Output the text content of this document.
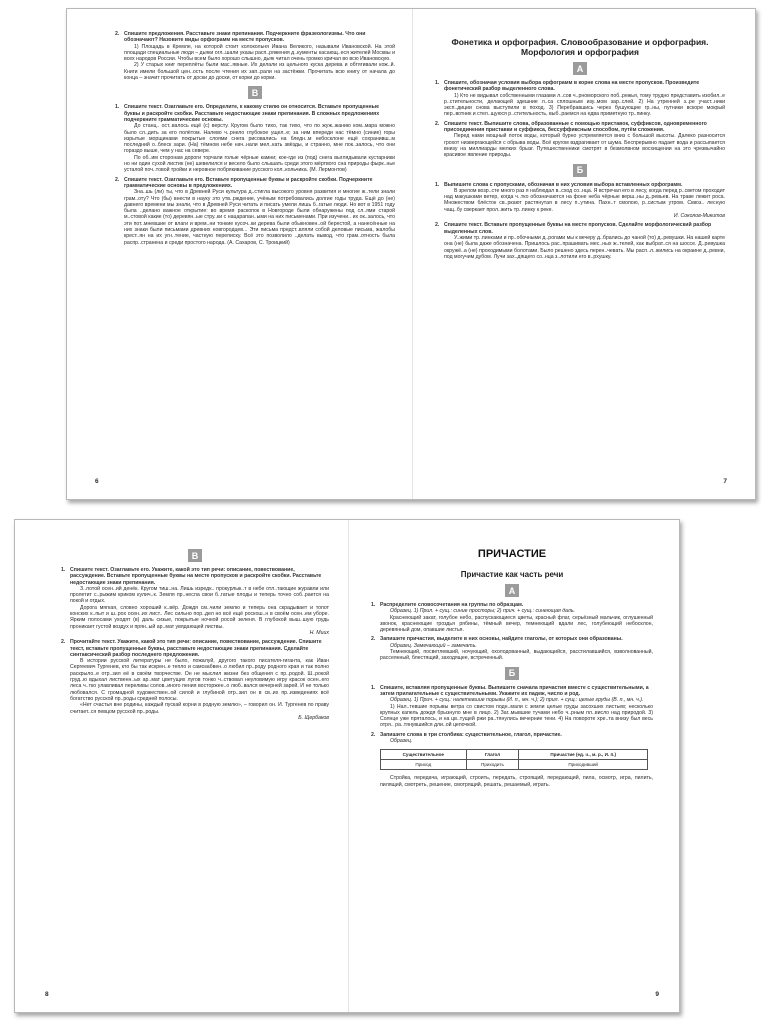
2. Спишите предложения. Расставьте знаки препинания. Подчеркните фразеологизмы. Что они обозначают? Назовите виды орфограмм на месте пропусков.

1) Площадь в Кремле, на которой стоит колокольня Ивана Великого, называли Ивановской. На этой площади специальные люди – дьяки огл..шали указы расп..ряжения д..кументы касающ..еся жителей Москвы и всех народов России. Чтобы всем было хорошо слышно, дьяк читал очень громко кричал во всю Ивановскую.

2) У старых книг переплёты были мас..явные. Их делали из цельного куска дерева и обтягивали кож..й. Книги имели большой цен..ость после чтения их зап..рали на застёжки. Прочитать всю книгу от начала до конца – значит прочитать от доски до доски, от корки до корки.

В
1. Спишите текст. Озаглавьте его. Определите, к какому стилю он относится. Вставьте пропущенные буквы и раскройте скобки. Расставьте недостающие знаки препинания. В сложных предложениях подчеркните грамматические основы.

До станц.. ост..валось ещё (с) версту. Кругом было тихо, так тихо, что по жуж..жанию ком..мара можно было сл..дить за его полётом. Налево ч..рнело глубокое ущел..е; за ним впереди нас тёмно (синие) горы изрытые морщинами покрытые слоями снега рисовались на бледн..м небосклоне ещё сохранивш..м последний о..блеск зари. (На) тёмном небе нач..нали мел..кать звёзды, и странно, мне пок..залось, что они гораздо выше, чем у нас на севере.

По об..им сторонам дороги торчали голые чёрные камни; кое-где из (под) снега выглядывали кустарники но ни один сухой листик (не) шевелился и весело было слышать среди этого мёртвого сна природы фырк..нье усталой поч..товой тройки и неровное побрякивание русского кол..кольчика. (М. Лермонтов)

2. Спишите текст. Озаглавьте его. Вставьте пропущенные буквы и раскройте скобки. Подчеркните грамматические основы в предложениях.

Зна..шь (ли) ты, что в Древней Руси культура д..стигла высокого уровня развития и многие ж..тели знали грам..оту? Что (бы) внести в науку это утв..рждение, учёным потребовались долгие годы труда. Ещё до (не) давнего времени мы знали, что в Древней Руси читать и писать умели лишь б..гатые люди. Но вот в 1951 году была ..делано важное открытие: во время раскопок в Новгороде были обнаружены под сл..ями старой м..стовой какие (то) деревян..ые стру..ки с нацарапан..ыми на них письменами. При изучени.. их ок..залось, что эти пот..мневшие от влаги и врем..ни тонкие кусоч..ки дерева были обыкновен..ой берестой, а нанесённые на них знаки были письмами древних новгородцев... Эти письма предст..вляли собой деловые письма, жалобы крест..ян на их угн..тение, частную переписку. Всё это позволило ..делать вывод, что грам..отность была распр..странена и среди простого народа. (А. Сахаров, С. Троицкий)

6
Фонетика и орфография. Словообразование и орфография. Морфология и орфография
А
1. Спишите, обозначая условия выбора орфограмм в корне слова на месте пропусков. Произведите фонетический разбор выделенного слова.

1) Кто не видывал собственными глазами л..сов ч..рноморского поб..режья, тому трудно представить изобил..е р..стительности, делающей здешние л..са сплошным изу..мом зар..слей. 2) На утренней з..ре участ..ники эксп..диции снова выступили в поход. 3) Перебравшись через бушующие гр..ны, путники вскоре мокрый пер..вотник и стел..щуюся р..стительность, выб..раемся на едва приметную тр..пинку.

2. Спишите текст. Выпишите слова, образованные с помощью приставок, суффиксов, одновременного присоединения приставки и суффикса, бессуффиксным способом, путём сложения.

Перед нами мощный поток воды, который бурно устремляется вниз с большой высоты. Далеко разносится грохот низвергающейся с обрыва воды. Всё кругом вздрагивает от шума. Беспрерывно падает вода и рассыпается внизу на миллиарды мелких брызг. Путешественники смотрят в безмолвном восхищении на это чрезвычайно красивое явление природы.

Б
1. Выпишите слова с пропусками, обозначая в них условия выбора вставленных орфограмм.

В зрелом возр..сте много раз я наблюдал в..сход со..нца. Я встречал его в лесу, когда перед р..светом проходит над макушками ветер, когда ч..тко обозначаются на фоне неба чёрные верш..ны д..ревьев. На траве лежит роса. Множеством блёсток св..ркают растянутая в лесу п..утина. Пахн..т смолою, р..систым утром. Сквоз.. лесную чащ..бу сверкает прол..жить тр..пинку к реке.

И. Соколов-Микитов

2. Спишите текст. Вставьте пропущенные буквы на месте пропусков. Сделайте морфологический разбор выделенных слов.

У..жими тр..пинками и пр..обочными д..рогами мы к вечеру д..брались до чаной (то) д..ревушки. На нашей карте она (не) была даже обозначена. Пришлось рас..прашивать мес..ных ж..телей, как выбрат..ся на шоссе. Д..ревушка окружё..а (не) проходимыми болотами. Было решено здесь перен..чевать. Мы расп..л..жились на окраине д..ревни, под могучим дубом. Лучи зах..дящего со..нца з..лотили его в..рхушку.

7
В
1. Спишите текст. Озаглавьте его. Укажите, какой это тип речи: описание, повествование, рассуждение. Вставьте пропущенные буквы на месте пропусков и раскройте скобки. Расставьте недостающие знаки препинания.

З..лотой осен..ий денёк. Кругом тиш..на. Лишь изредк.. прокурлык..т в небе отл..тающие журавли или пролетит с..рыжим криком кулич..к. Земля пр..несла свои б..гатые плоды и теперь точно соб..рается на покой и отдых.

Дорога мягкая, словно хороший к..вёр. Дождя см..чили землю и теперь она скрадывает и топот конских к..пыт и ш..рох осен..их лист.. Лес сильно пор..дел но всё ещё роскош..н в своём осен..ем уборе. Ярким полосами уходят (в) даль сизые, покрытые ночной росой зеленя. В глубокой выш..шую грудь проникает густой воздух и прян..ый ар..мат увядающей листвы.

Н. Миих

2. Прочитайте текст. Укажите, какой это тип речи: описание, повествование, рассуждение. Спишите текст, вставьте пропущенные буквы, расставьте недостающие знаки препинания. Сделайте синтаксический разбор последнего предложения.

В истории русской литературы не было, пожалуй, другого такого писателя-гиганта, как Иван Сергеевич Тургенев, кто бы так искрен..е тепло и самозабвен..о любил пр..роду родного края и так полно раскрыло..е отр..зил её в своём творчестве. Он не мыслил жизни без общения с пр..родой. Ш..рокой груд..ю вдыхал лиственн..ых ар..мат цветущих лугов тонко ч..ствовал неуловимую игру красок осен..его леса ч..тко улавливал переливы солов..иного пения восторжен..о люб..вался вечерней зарей. И не только любовался. С громадной художествен..ой силой и глубиной отр..зил он в св..их пр..изведениях всё богатство русской пр..роды средней полосы.

«Нет счастья вне родины, каждый пускай корни в родную землю», – говорил он. И. Тургенев по праву считает..ся певцом русской пр..роды.

Б. Щербаков

8
ПРИЧАСТИЕ
Причастие как часть речи
А
1. Распределите словосочетания на группы по образцам.

Образец. 1) Прил. + сущ.: синие просторы; 2) прич. + сущ.: синеющая даль.

Краснеющий закат, голубое небо, распускающиеся цветы, красный флаг, серьёзный мальчик, оглушенный звонок, краснеющие гроздья рябины, тёмный вечер, темнеющий вдали лес, голубеющий небосклон, деревянный дом, опавшие листья.

2. Запишите причастия, выделите в них основы, найдите глаголы, от которых они образованы.

Образец. Замечающий – замечать.

Темнеющий, посветлевший, ночующий, охолодованный, выдающийся, расстилавшийся, взволнованный, рассеянный, блестящий, заходящее, встреченный.

Б
1. Спишите, вставляя пропущенные буквы. Выпишите сначала причастия вместе с существительными, а затем прилагательные с существительными. Укажите их падеж, число и род.

Образец. 1) Прич. + сущ.: налетевшие порывы (И. п., мн. ч.); 2) прил. + сущ.: целые груды (В. п., мн. ч.).

1) Нал..тевшие порывы ветра со свистом подн..мали с земли целые груды засохших листьев; несколько крупных капель дождя брызнуло мне в лицо. 2) Заг..мывшие тучами небо ч..рным пл..висло над природой. 3) Солнце уже пряталось, и на цв..тущей ржи ра..тянулись вечерние тени. 4) На повороте хре..та внизу был весь отря.. ра..тянувшийся дли..ой цепочкой.

2. Запишите слова в три столбика: существительное, глагол, причастие.

Образец.

Существительное	Глагол	Причастие (ед. ч., м. р., И. п.)
Приход	Приходить	Приходивший

Стройка, передача, играющий, строить, передать, строящий, передающий, пила, осмотр, игра, пилить, пилящий, смотреть, решение, смотрящий, решать, решаемый, играть.

9
